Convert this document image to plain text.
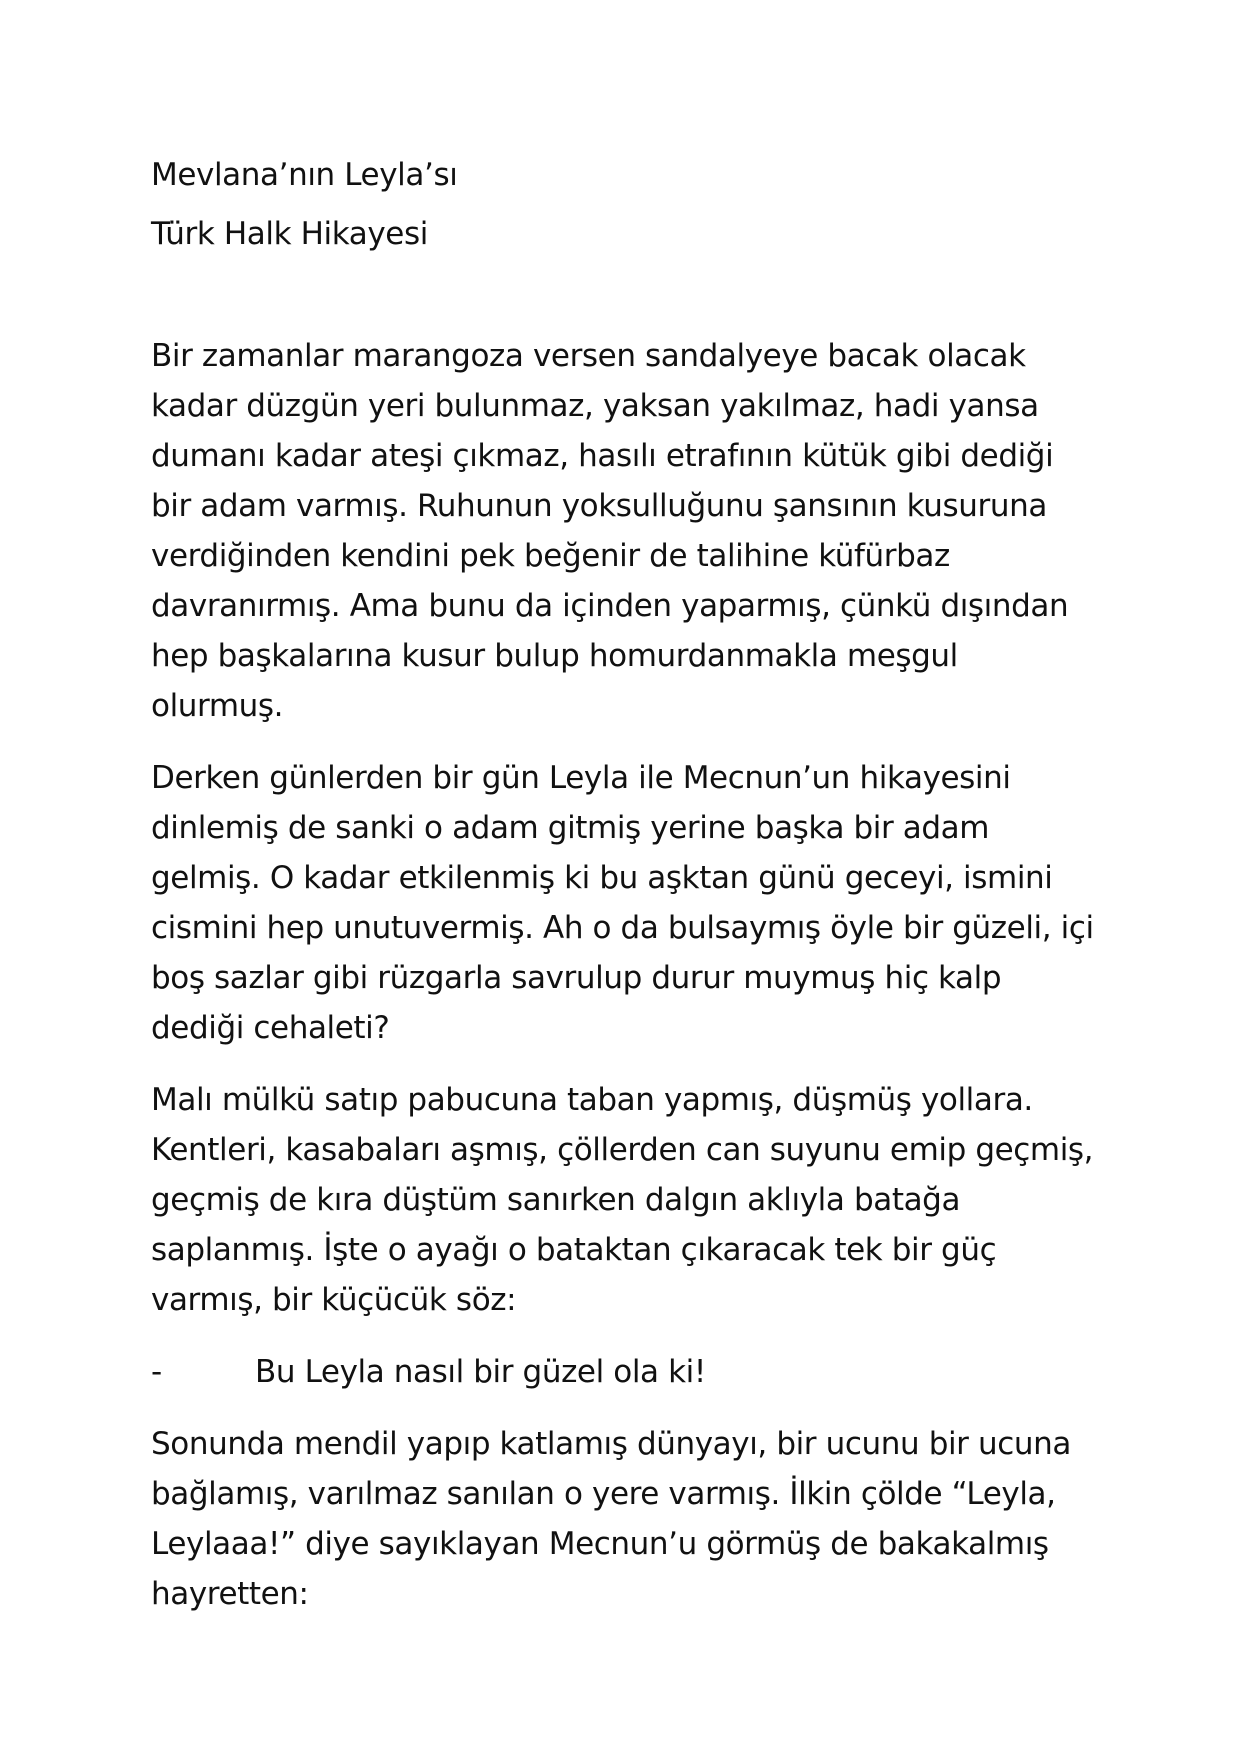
Mevlana’nın Leyla’sı
Türk Halk Hikayesi
Bir zamanlar marangoza versen sandalyeye bacak olacak
kadar düzgün yeri bulunmaz, yaksan yakılmaz, hadi yansa
dumanı kadar ateşi çıkmaz, hasılı etrafının kütük gibi dediği
bir adam varmış. Ruhunun yoksulluğunu şansının kusuruna
verdiğinden kendini pek beğenir de talihine küfürbaz
davranırmış. Ama bunu da içinden yaparmış, çünkü dışından
hep başkalarına kusur bulup homurdanmakla meşgul
olurmuş.
Derken günlerden bir gün Leyla ile Mecnun’un hikayesini
dinlemiş de sanki o adam gitmiş yerine başka bir adam
gelmiş. O kadar etkilenmiş ki bu aşktan günü geceyi, ismini
cismini hep unutuvermiş. Ah o da bulsaymış öyle bir güzeli, içi
boş sazlar gibi rüzgarla savrulup durur muymuş hiç kalp
dediği cehaleti?
Malı mülkü satıp pabucuna taban yapmış, düşmüş yollara.
Kentleri, kasabaları aşmış, çöllerden can suyunu emip geçmiş,
geçmiş de kıra düştüm sanırken dalgın aklıyla batağa
saplanmış. İşte o ayağı o bataktan çıkaracak tek bir güç
varmış, bir küçücük söz:
-	Bu Leyla nasıl bir güzel ola ki!
Sonunda mendil yapıp katlamış dünyayı, bir ucunu bir ucuna
bağlamış, varılmaz sanılan o yere varmış. İlkin çölde “Leyla,
Leylaaa!” diye sayıklayan Mecnun’u görmüş de bakakalmış
hayretten:
